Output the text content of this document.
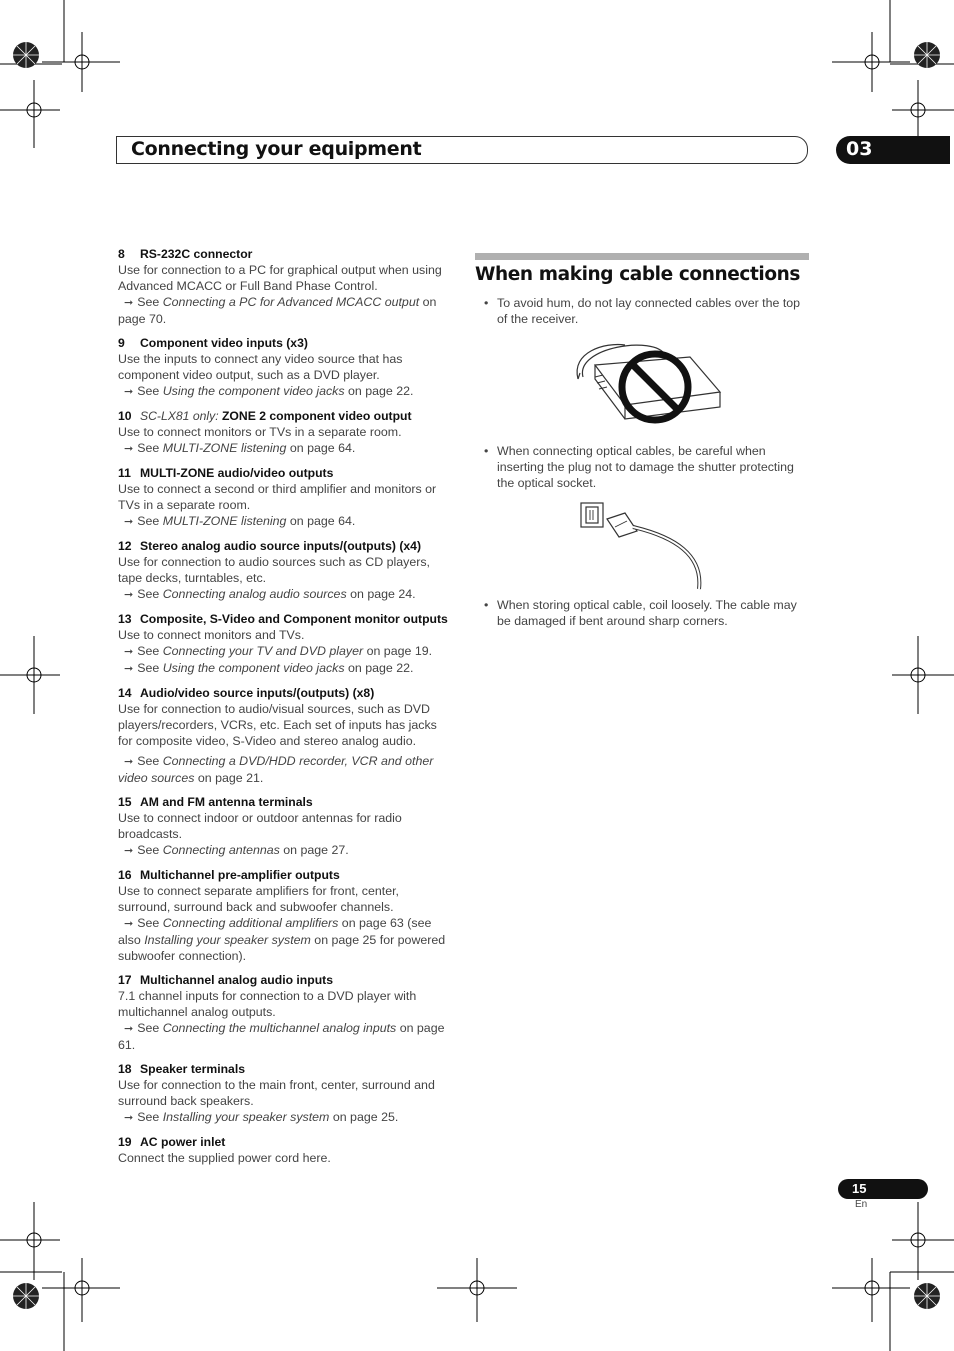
Connecting your equipment	03
8 RS-232C connector
Use for connection to a PC for graphical output when using Advanced MCACC or Full Band Phase Control.
➞ See Connecting a PC for Advanced MCACC output on page 70.
9 Component video inputs (x3)
Use the inputs to connect any video source that has component video output, such as a DVD player.
➞ See Using the component video jacks on page 22.
10 SC-LX81 only: ZONE 2 component video output
Use to connect monitors or TVs in a separate room.
➞ See MULTI-ZONE listening on page 64.
11 MULTI-ZONE audio/video outputs
Use to connect a second or third amplifier and monitors or TVs in a separate room.
➞ See MULTI-ZONE listening on page 64.
12 Stereo analog audio source inputs/(outputs) (x4)
Use for connection to audio sources such as CD players, tape decks, turntables, etc.
➞ See Connecting analog audio sources on page 24.
13 Composite, S-Video and Component monitor outputs
Use to connect monitors and TVs.
➞ See Connecting your TV and DVD player on page 19.
➞ See Using the component video jacks on page 22.
14 Audio/video source inputs/(outputs) (x8)
Use for connection to audio/visual sources, such as DVD players/recorders, VCRs, etc. Each set of inputs has jacks for composite video, S-Video and stereo analog audio.
➞ See Connecting a DVD/HDD recorder, VCR and other video sources on page 21.
15 AM and FM antenna terminals
Use to connect indoor or outdoor antennas for radio broadcasts.
➞ See Connecting antennas on page 27.
16 Multichannel pre-amplifier outputs
Use to connect separate amplifiers for front, center, surround, surround back and subwoofer channels.
➞ See Connecting additional amplifiers on page 63 (see also Installing your speaker system on page 25 for powered subwoofer connection).
17 Multichannel analog audio inputs
7.1 channel inputs for connection to a DVD player with multichannel analog outputs.
➞ See Connecting the multichannel analog inputs on page 61.
18 Speaker terminals
Use for connection to the main front, center, surround and surround back speakers.
➞ See Installing your speaker system on page 25.
19 AC power inlet
Connect the supplied power cord here.
When making cable connections
• To avoid hum, do not lay connected cables over the top of the receiver.
• When connecting optical cables, be careful when inserting the plug not to damage the shutter protecting the optical socket.
• When storing optical cable, coil loosely. The cable may be damaged if bent around sharp corners.
15
En
